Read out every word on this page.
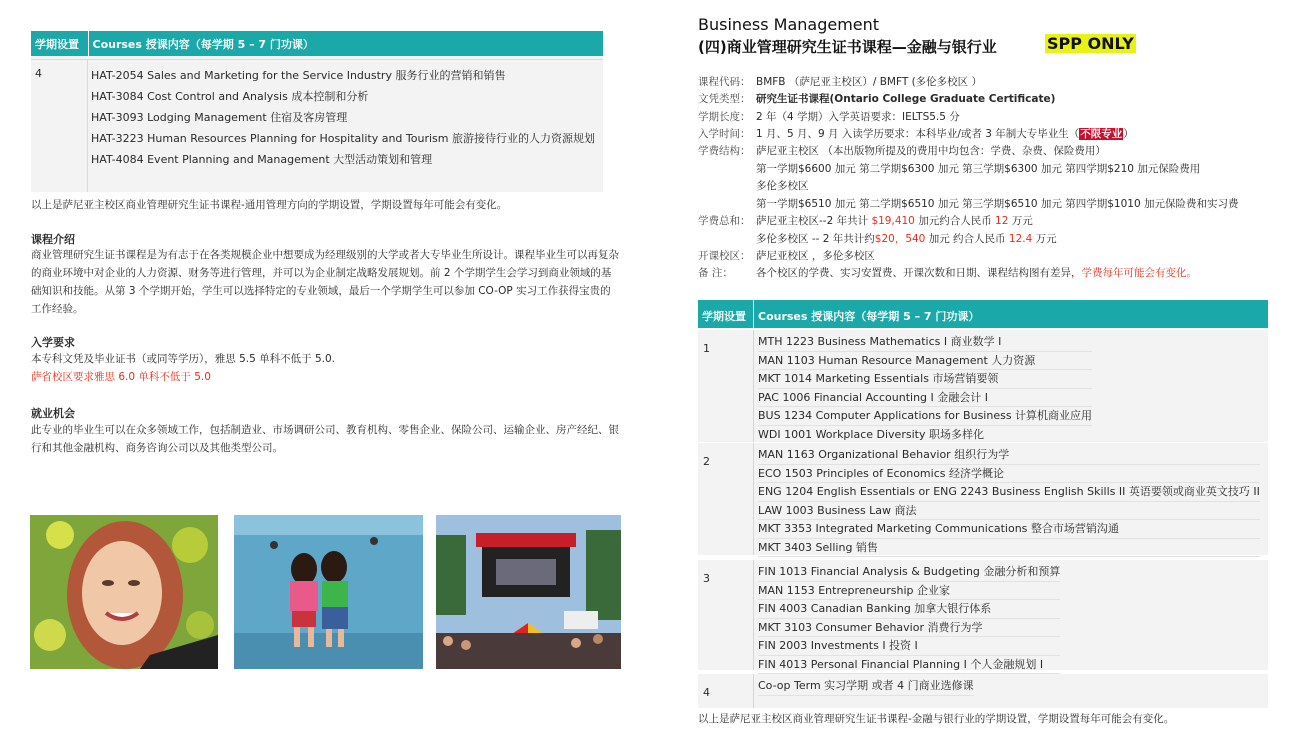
学期设置	Courses 授课内容（每学期 5 – 7 门功课）
4	HAT-2054 Sales and Marketing for the Service Industry 服务行业的营销和销售
HAT-3084 Cost Control and Analysis 成本控制和分析
HAT-3093 Lodging Management 住宿及客房管理
HAT-3223 Human Resources Planning for Hospitality and Tourism 旅游接待行业的人力资源规划
HAT-4084 Event Planning and Management 大型活动策划和管理
以上是萨尼亚主校区商业管理研究生证书课程-通用管理方向的学期设置，学期设置每年可能会有变化。
课程介绍
商业管理研究生证书课程是为有志于在各类规模企业中想要成为经理级别的大学或者大专毕业生所设计。课程毕业生可以再复杂的商业环境中对企业的人力资源、财务等进行管理，并可以为企业制定战略发展规划。前 2 个学期学生会学习到商业领域的基础知识和技能。从第 3 个学期开始，学生可以选择特定的专业领域，最后一个学期学生可以参加 CO-OP 实习工作获得宝贵的工作经验。
入学要求
本专科文凭及毕业证书（或同等学历），雅思 5.5 单科不低于 5.0.
萨省校区要求雅思 6.0 单科不低于 5.0
就业机会
此专业的毕业生可以在众多领域工作，包括制造业、市场调研公司、教育机构、零售企业、保险公司、运输企业、房产经纪、银行和其他金融机构、商务咨询公司以及其他类型公司。
Business Management
(四)商业管理研究生证书课程—金融与银行业	SPP ONLY
课程代码： BMFB （萨尼亚主校区）/ BMFT (多伦多校区 ）
文凭类型： 研究生证书课程(Ontario College Graduate Certificate)
学期长度： 2 年（4 学期）入学英语要求：IELTS5.5 分
入学时间： 1 月、5 月、9 月 入读学历要求：本科毕业/或者 3 年制大专毕业生（不限专业）
学费结构： 萨尼亚主校区 （本出版物所提及的费用中均包含：学费、杂费、保险费用）
第一学期$6600 加元 第二学期$6300 加元 第三学期$6300 加元 第四学期$210 加元保险费用
多伦多校区
第一学期$6510 加元 第二学期$6510 加元 第三学期$6510 加元 第四学期$1010 加元保险费和实习费
学费总和： 萨尼亚主校区--2 年共计 $19,410 加元约合人民币 12 万元
多伦多校区 -- 2 年共计约$20，540 加元 约合人民币 12.4 万元
开课校区： 萨尼亚校区 ，多伦多校区
备 注： 各个校区的学费、实习安置费、开课次数和日期、课程结构图有差异，学费每年可能会有变化。
学期设置	Courses 授课内容（每学期 5 – 7 门功课）
1
MTH 1223 Business Mathematics I 商业数学 I
MAN 1103 Human Resource Management 人力资源
MKT 1014 Marketing Essentials 市场营销要领
PAC 1006 Financial Accounting I 金融会计 I
BUS 1234 Computer Applications for Business 计算机商业应用
WDI 1001 Workplace Diversity 职场多样化
2
MAN 1163 Organizational Behavior 组织行为学
ECO 1503 Principles of Economics 经济学概论
ENG 1204 English Essentials or ENG 2243 Business English Skills II 英语要领或商业英文技巧 II
LAW 1003 Business Law 商法
MKT 3353 Integrated Marketing Communications 整合市场营销沟通
MKT 3403 Selling 销售
3
FIN 1013 Financial Analysis & Budgeting 金融分析和预算
MAN 1153 Entrepreneurship 企业家
FIN 4003 Canadian Banking 加拿大银行体系
MKT 3103 Consumer Behavior 消费行为学
FIN 2003 Investments I 投资 I
FIN 4013 Personal Financial Planning I 个人金融规划 I
4
Co-op Term 实习学期 或者 4 门商业选修课
以上是萨尼亚主校区商业管理研究生证书课程-金融与银行业的学期设置，学期设置每年可能会有变化。
